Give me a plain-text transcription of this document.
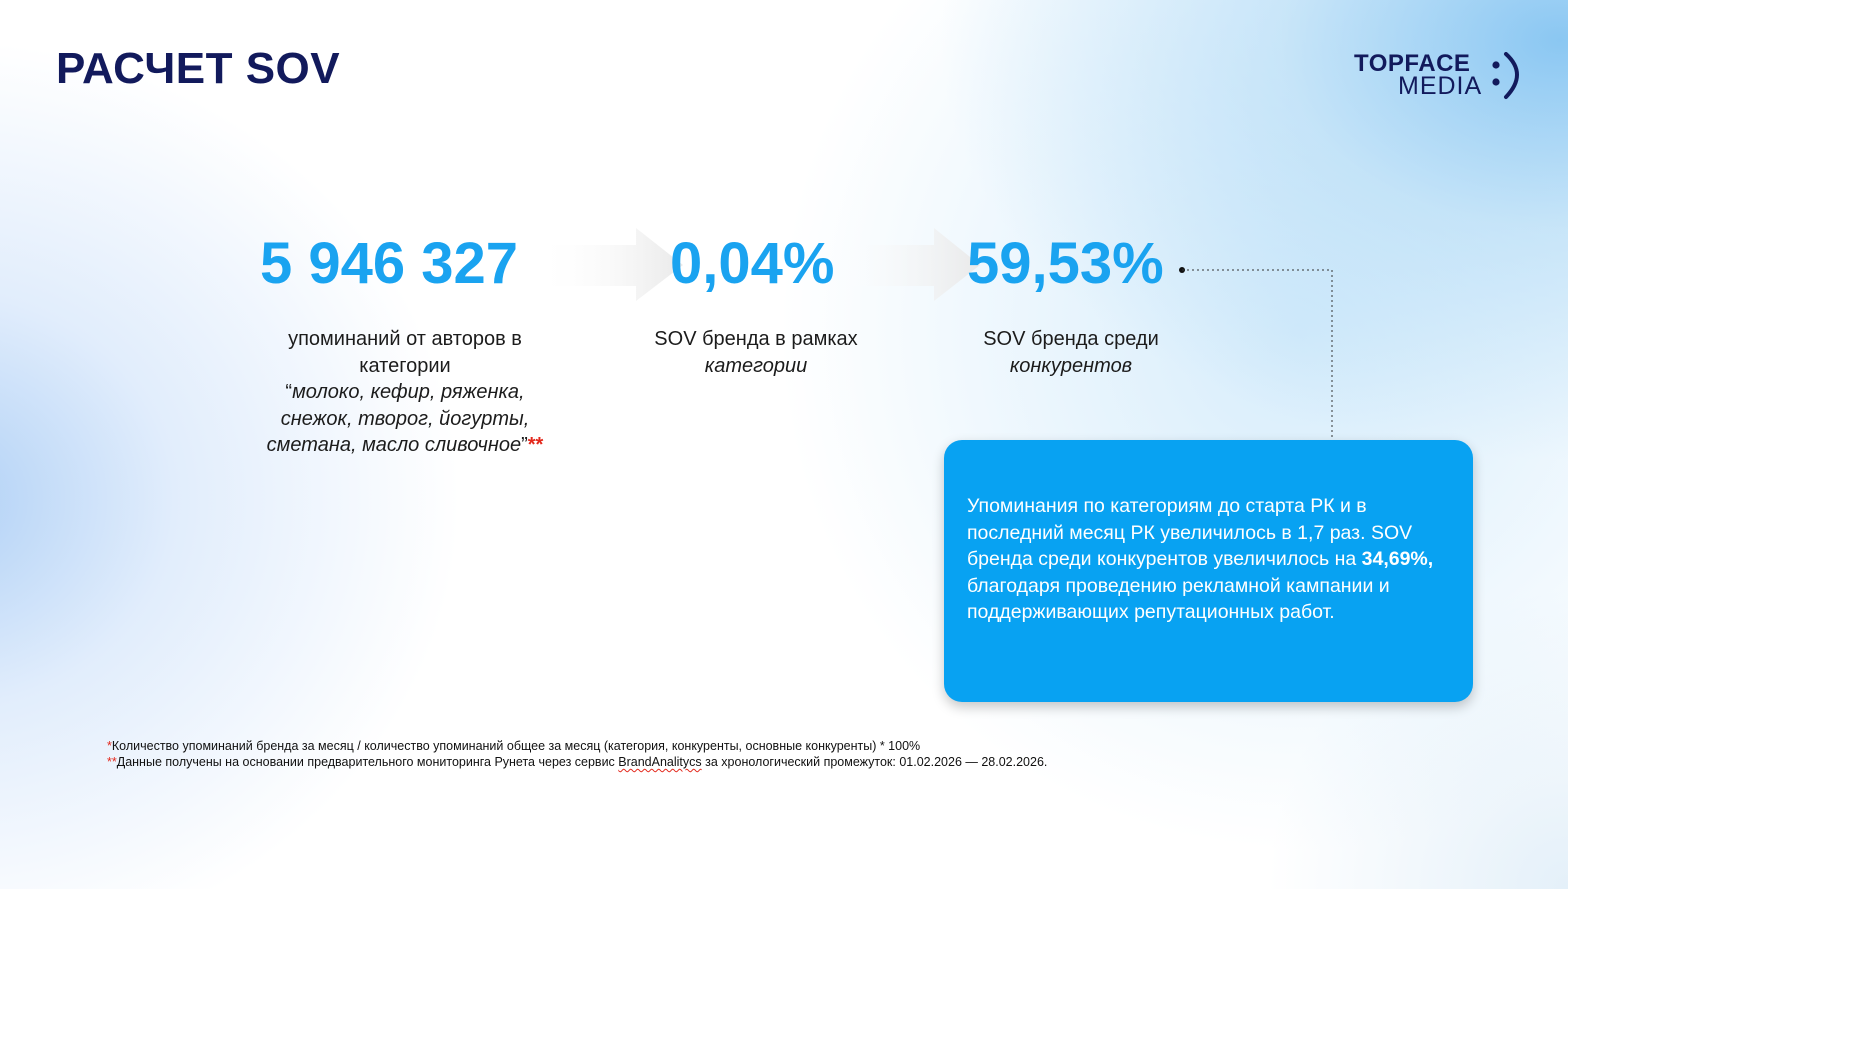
РАСЧЕТ SOV	TOPFACE
MEDIA
5 946 327	0,04% 59,53%
упоминаний от авторов в
категории
“молоко, кефир, ряженка,
снежок, творог, йогурты,
сметана, масло сливочное”**
SOV бренда в рамках
категории
SOV бренда среди
конкурентов
Упоминания по категориям до старта РК и в последний месяц РК увеличилось в 1,7 раз. SOV бренда среди конкурентов увеличилось на 34,69%, благодаря проведению рекламной кампании и поддерживающих репутационных работ.
*Количество упоминаний бренда за месяц / количество упоминаний общее за месяц (категория, конкуренты, основные конкуренты) * 100%
**Данные получены на основании предварительного мониторинга Рунета через сервис BrandAnalitycs за хронологический промежуток: 01.02.2026 — 28.02.2026.
